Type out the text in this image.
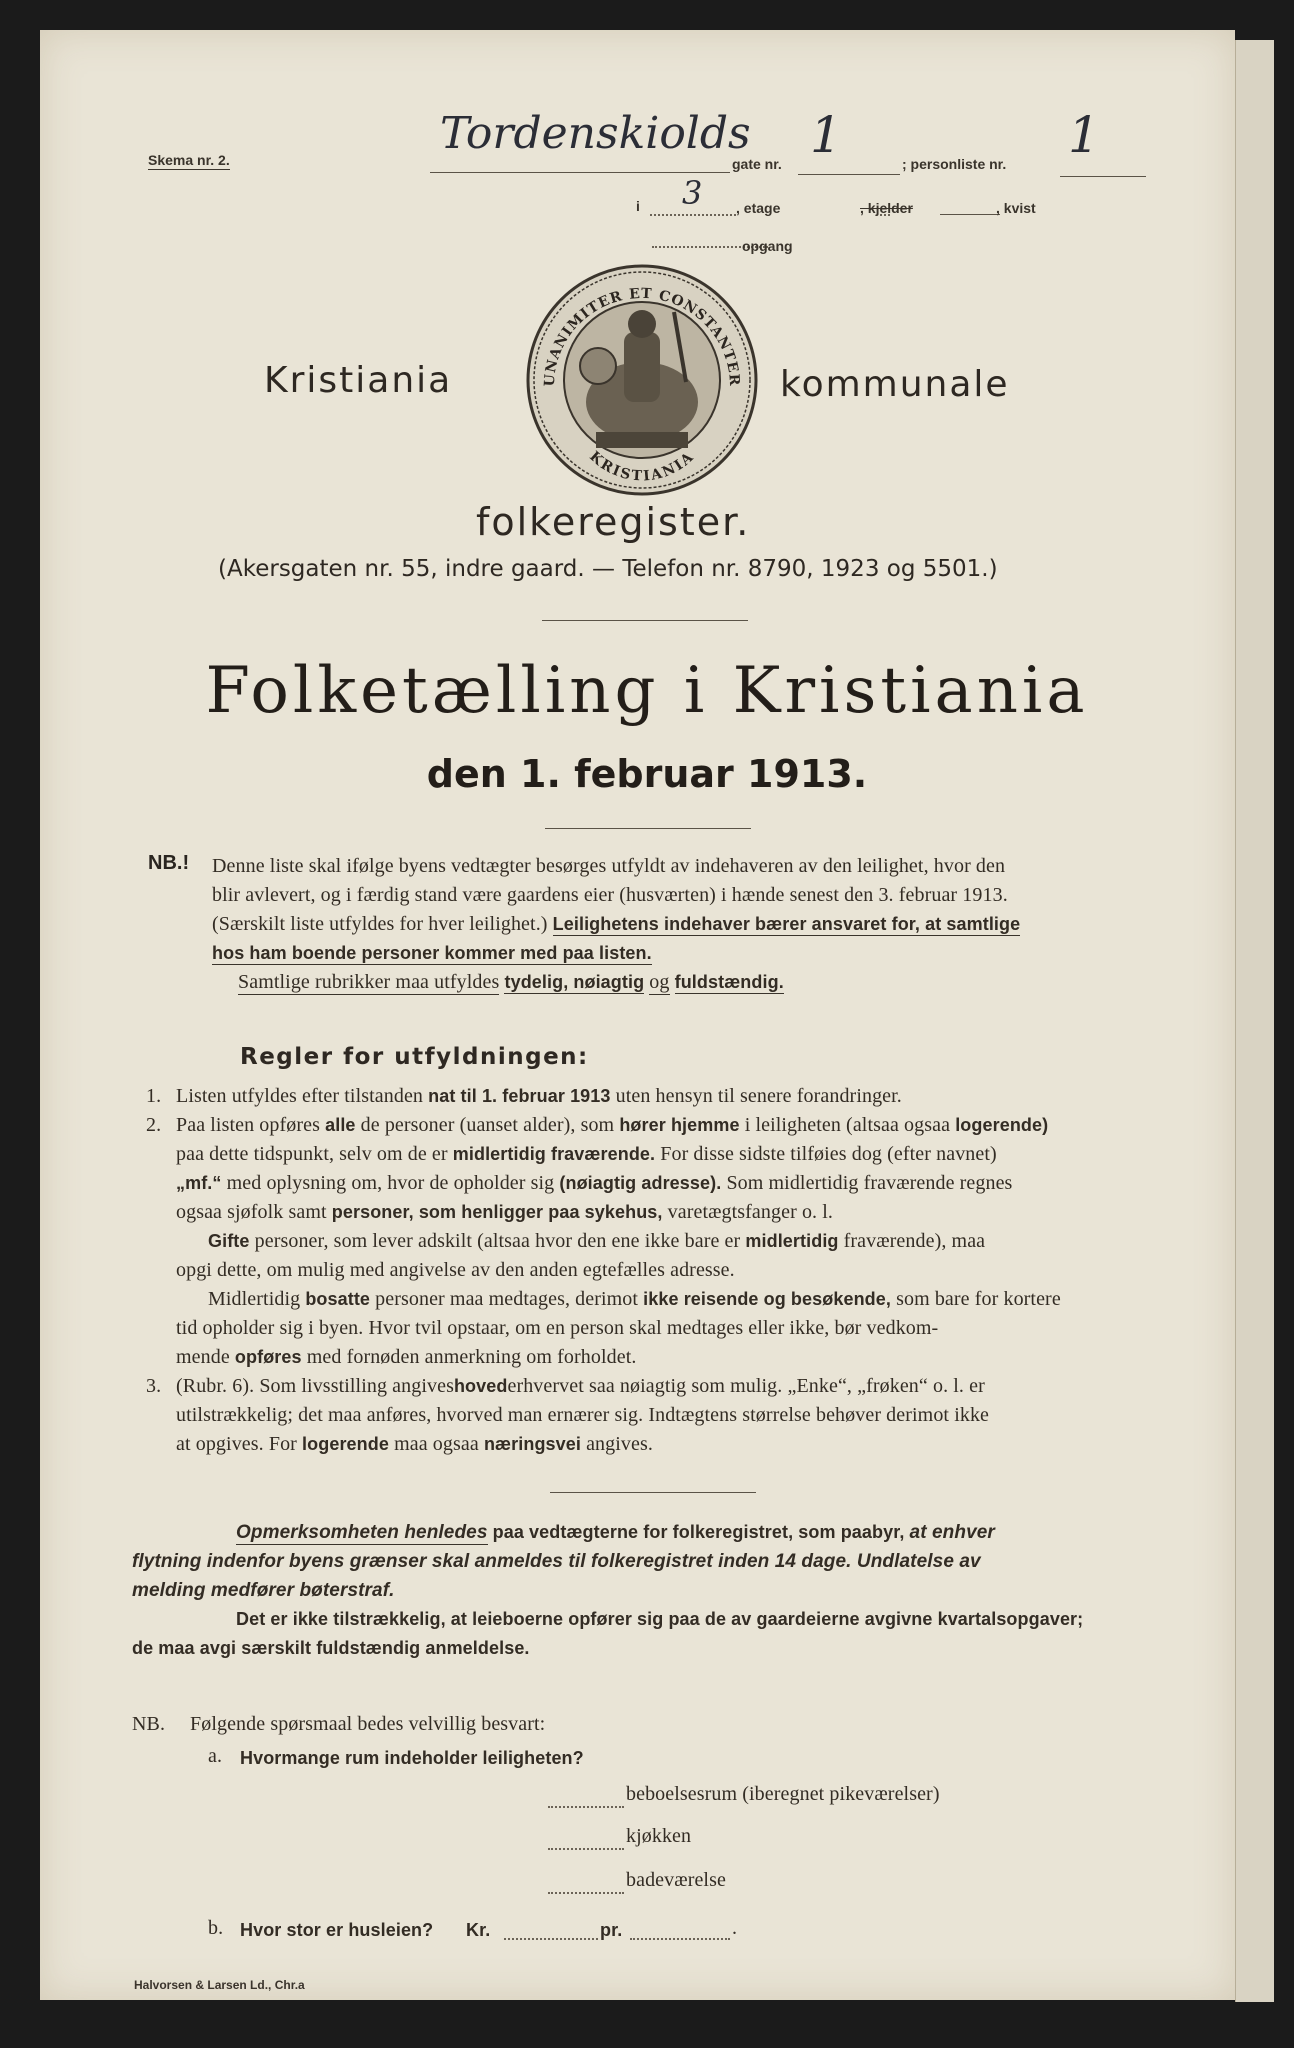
Skema nr. 2.
Tordenskiolds
gate nr. 1	; personliste nr. 1
i 3 , etage	, kjelder	, kvist
opgang
UNANIMITER ET CONSTANTER
KRISTIANIA
Kristiania	kommunale
folkeregister.
(Akersgaten nr. 55, indre gaard. — Telefon nr. 8790, 1923 og 5501.)
Folketælling i Kristiania
den 1. februar 1913.
NB.! Denne liste skal ifølge byens vedtægter besørges utfyldt av indehaveren av den leilighet, hvor den
blir avlevert, og i færdig stand være gaardens eier (husværten) i hænde senest den 3. februar 1913.
(Særskilt liste utfyldes for hver leilighet.) Leilighetens indehaver bærer ansvaret for, at samtlige
hos ham boende personer kommer med paa listen.
Samtlige rubrikker maa utfyldes tydelig, nøiagtig og fuldstændig.
Regler for utfyldningen:
1. Listen utfyldes efter tilstanden nat til 1. februar 1913 uten hensyn til senere forandringer.
2. Paa listen opføres alle de personer (uanset alder), som hører hjemme i leiligheten (altsaa ogsaa logerende)
paa dette tidspunkt, selv om de er midlertidig fraværende. For disse sidste tilføies dog (efter navnet)
„mf.“ med oplysning om, hvor de opholder sig (nøiagtig adresse). Som midlertidig fraværende regnes
ogsaa sjøfolk samt personer, som henligger paa sykehus, varetægtsfanger o. l.
Gifte personer, som lever adskilt (altsaa hvor den ene ikke bare er midlertidig fraværende), maa
opgi dette, om mulig med angivelse av den anden egtefælles adresse.
Midlertidig bosatte personer maa medtages, derimot ikke reisende og besøkende, som bare for kortere
tid opholder sig i byen. Hvor tvil opstaar, om en person skal medtages eller ikke, bør vedkom-
mende opføres med fornøden anmerkning om forholdet.
3. (Rubr. 6). Som livsstilling angiveshovederhvervet saa nøiagtig som mulig. „Enke“, „frøken“ o. l. er
utilstrækkelig; det maa anføres, hvorved man ernærer sig. Indtægtens størrelse behøver derimot ikke
at opgives. For logerende maa ogsaa næringsvei angives.
Opmerksomheten henledes paa vedtægterne for folkeregistret, som paabyr, at enhver
flytning indenfor byens grænser skal anmeldes til folkeregistret inden 14 dage. Undlatelse av
melding medfører bøterstraf.
Det er ikke tilstrækkelig, at leieboerne opfører sig paa de av gaardeierne avgivne kvartalsopgaver;
de maa avgi særskilt fuldstændig anmeldelse.
NB. Følgende spørsmaal bedes velvillig besvart:
a. Hvormange rum indeholder leiligheten?
beboelsesrum (iberegnet pikeværelser)
kjøkken
badeværelse
b. Hvor stor er husleien? Kr.	pr.	.
Halvorsen & Larsen Ld., Chr.a
